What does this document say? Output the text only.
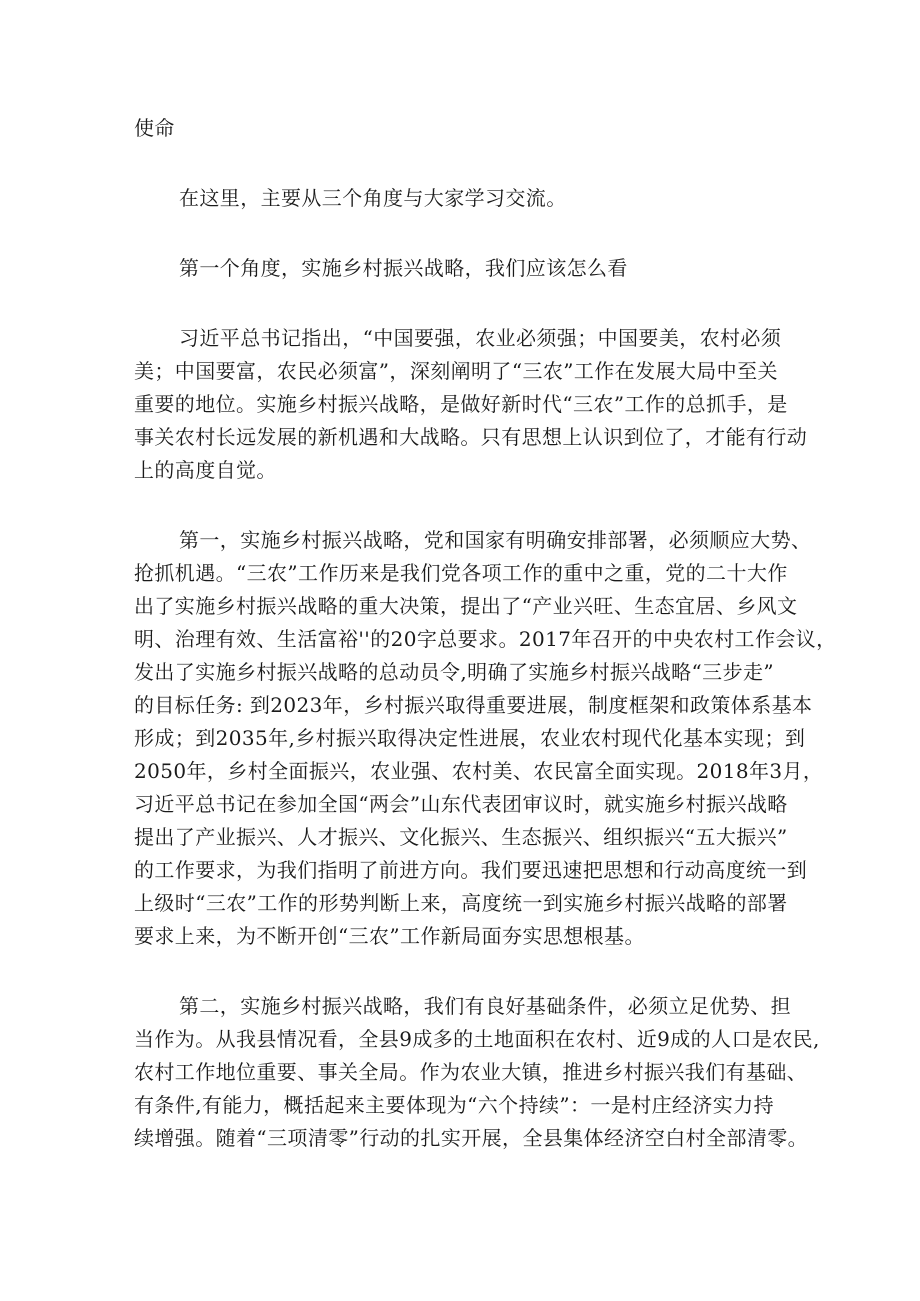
使命

在这里，主要从三个角度与大家学习交流。

第一个角度，实施乡村振兴战略，我们应该怎么看

习近平总书记指出，“中国要强，农业必须强；中国要美，农村必须

美；中国要富，农民必须富”，深刻阐明了“三农”工作在发展大局中至关

重要的地位。实施乡村振兴战略，是做好新时代“三农”工作的总抓手，是

事关农村长远发展的新机遇和大战略。只有思想上认识到位了，才能有行动

上的高度自觉。

第一，实施乡村振兴战略，党和国家有明确安排部署，必须顺应大势、

抢抓机遇。“三农”工作历来是我们党各项工作的重中之重，党的二十大作

出了实施乡村振兴战略的重大决策，提出了“产业兴旺、生态宜居、乡风文

明、治理有效、生活富裕''的20字总要求。2017年召开的中央农村工作会议，

发出了实施乡村振兴战略的总动员令,明确了实施乡村振兴战略“三步走”

的目标任务: 到2023年，乡村振兴取得重要进展，制度框架和政策体系基本

形成；到2035年,乡村振兴取得决定性进展，农业农村现代化基本实现；到

2050年，乡村全面振兴，农业强、农村美、农民富全面实现。2018年3月，

习近平总书记在参加全国“两会”山东代表团审议时，就实施乡村振兴战略

提出了产业振兴、人才振兴、文化振兴、生态振兴、组织振兴“五大振兴”

的工作要求，为我们指明了前进方向。我们要迅速把思想和行动高度统一到

上级时“三农”工作的形势判断上来，高度统一到实施乡村振兴战略的部署

要求上来，为不断开创“三农”工作新局面夯实思想根基。

第二，实施乡村振兴战略，我们有良好基础条件，必须立足优势、担

当作为。从我县情况看，全县9成多的土地面积在农村、近9成的人口是农民,

农村工作地位重要、事关全局。作为农业大镇，推进乡村振兴我们有基础、

有条件,有能力，概括起来主要体现为“六个持续”：一是村庄经济实力持

续增强。随着“三项清零”行动的扎实开展，全县集体经济空白村全部清零。
